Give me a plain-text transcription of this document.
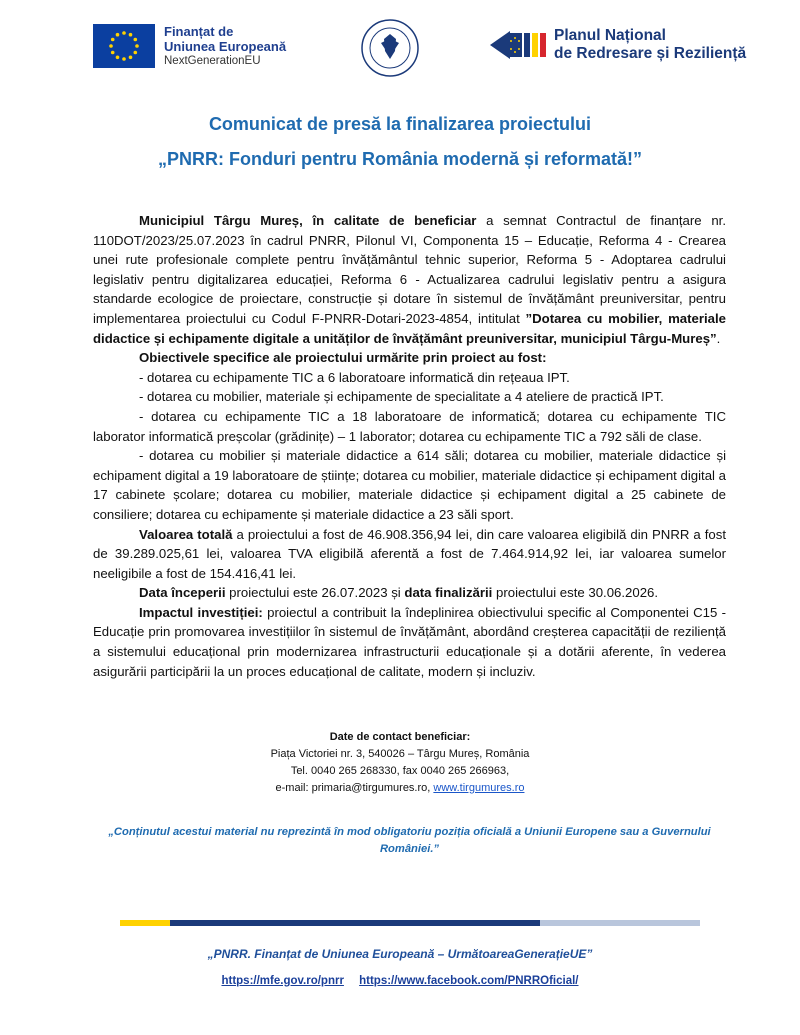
Finanțat de
Uniunea Europeană
NextGenerationEU
Planul Național
de Redresare și Reziliență
Comunicat de presă la finalizarea proiectului
„PNRR: Fonduri pentru România modernă și reformată!”

Municipiul Târgu Mureș, în calitate de beneficiar a semnat Contractul de finanțare nr. 110DOT/2023/25.07.2023 în cadrul PNRR, Pilonul VI, Componenta 15 – Educație, Reforma 4 - Crearea unei rute profesionale complete pentru învățământul tehnic superior, Reforma 5 - Adoptarea cadrului legislativ pentru digitalizarea educației, Reforma 6 - Actualizarea cadrului legislativ pentru a asigura standarde ecologice de proiectare, construcție și dotare în sistemul de învățământ preuniversitar, pentru implementarea proiectului cu Codul F-PNRR-Dotari-2023-4854, intitulat ”Dotarea cu mobilier, materiale didactice și echipamente digitale a unităților de învățământ preuniversitar, municipiul Târgu-Mureș”.

Obiectivele specifice ale proiectului urmărite prin proiect au fost:

- dotarea cu echipamente TIC a 6 laboratoare informatică din rețeaua IPT.

- dotarea cu mobilier, materiale și echipamente de specialitate a 4 ateliere de practică IPT.

- dotarea cu echipamente TIC a 18 laboratoare de informatică; dotarea cu echipamente TIC laborator informatică preșcolar (grădinițe) – 1 laborator; dotarea cu echipamente TIC a 792 săli de clase.

- dotarea cu mobilier și materiale didactice a 614 săli; dotarea cu mobilier, materiale didactice și echipament digital a 19 laboratoare de științe; dotarea cu mobilier, materiale didactice și echipament digital a 17 cabinete școlare; dotarea cu mobilier, materiale didactice și echipament digital a 25 cabinete de consiliere; dotarea cu echipamente și materiale didactice a 23 săli sport.

Valoarea totală a proiectului a fost de 46.908.356,94 lei, din care valoarea eligibilă din PNRR a fost de 39.289.025,61 lei, valoarea TVA eligibilă aferentă a fost de 7.464.914,92 lei, iar valoarea sumelor neeligibile a fost de 154.416,41 lei.

Data începerii proiectului este 26.07.2023 și data finalizării proiectului este 30.06.2026.

Impactul investiției: proiectul a contribuit la îndeplinirea obiectivului specific al Componentei C15 - Educație prin promovarea investițiilor în sistemul de învățământ, abordând creșterea capacității de reziliență a sistemului educațional prin modernizarea infrastructurii educaționale și a dotării aferente, în vederea asigurării participării la un proces educațional de calitate, modern și incluziv.

Date de contact beneficiar:
Piața Victoriei nr. 3, 540026 – Târgu Mureș, România
Tel. 0040 265 268330, fax 0040 265 266963,
e-mail: primaria@tirgumures.ro, www.tirgumures.ro
„Conținutul acestui material nu reprezintă în mod obligatoriu poziția oficială a Uniunii Europene sau a Guvernului României.”
„PNRR. Finanțat de Uniunea Europeană – UrmătoareaGenerațieUE”
https://mfe.gov.ro/pnrr https://www.facebook.com/PNRROficial/
